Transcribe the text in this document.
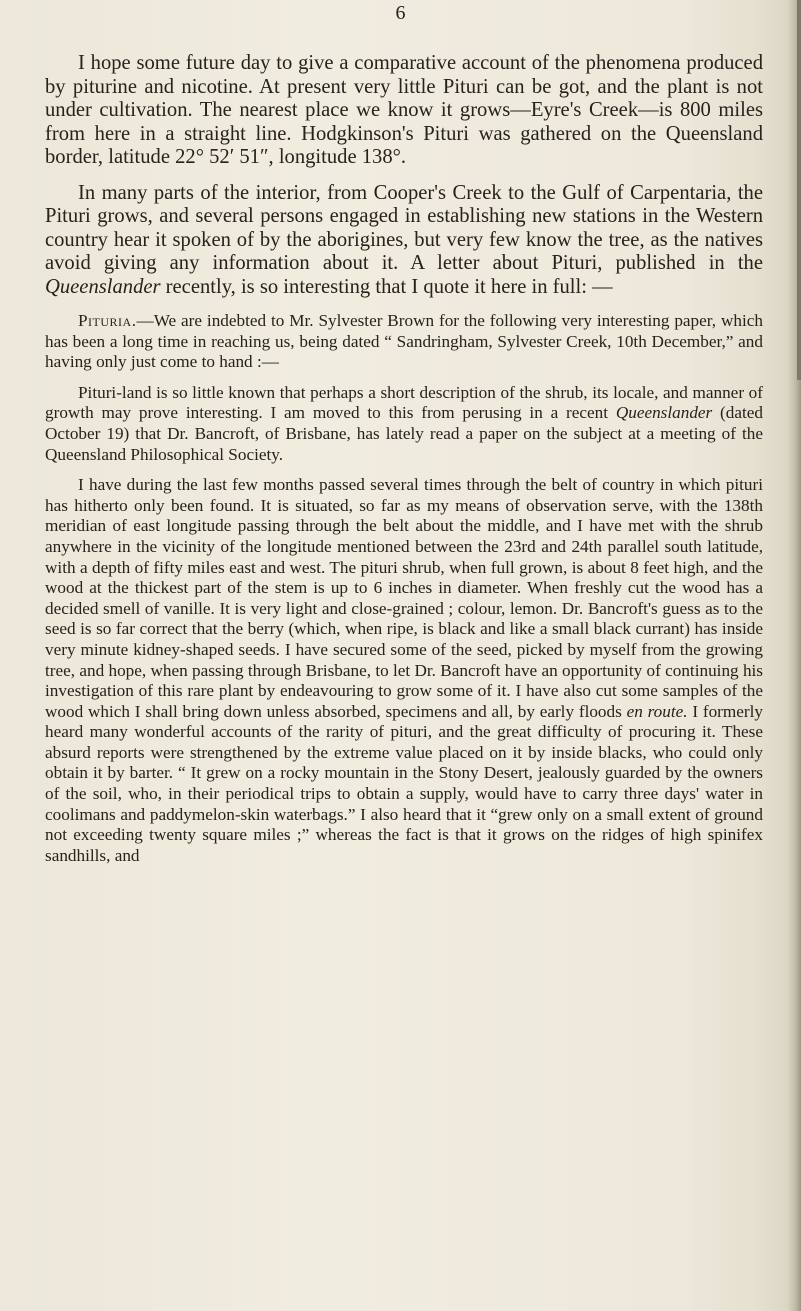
6

I hope some future day to give a comparative account of the phenomena produced by piturine and nicotine. At present very little Pituri can be got, and the plant is not under cultivation. The nearest place we know it grows—Eyre's Creek—is 800 miles from here in a straight line. Hodgkinson's Pituri was gathered on the Queensland border, latitude 22° 52′ 51″, longitude 138°.

In many parts of the interior, from Cooper's Creek to the Gulf of Carpentaria, the Pituri grows, and several persons engaged in establishing new stations in the Western country hear it spoken of by the aborigines, but very few know the tree, as the natives avoid giving any information about it. A letter about Pituri, published in the Queenslander recently, is so interesting that I quote it here in full: —

Pituria.—We are indebted to Mr. Sylvester Brown for the following very interesting paper, which has been a long time in reaching us, being dated “ Sandringham, Sylvester Creek, 10th December,” and having only just come to hand :—

Pituri-land is so little known that perhaps a short description of the shrub, its locale, and manner of growth may prove interesting. I am moved to this from perusing in a recent Queenslander (dated October 19) that Dr. Bancroft, of Brisbane, has lately read a paper on the subject at a meeting of the Queensland Philosophical Society.

I have during the last few months passed several times through the belt of country in which pituri has hitherto only been found. It is situated, so far as my means of observation serve, with the 138th meridian of east longitude passing through the belt about the middle, and I have met with the shrub anywhere in the vicinity of the longitude mentioned between the 23rd and 24th parallel south latitude, with a depth of fifty miles east and west. The pituri shrub, when full grown, is about 8 feet high, and the wood at the thickest part of the stem is up to 6 inches in diameter. When freshly cut the wood has a decided smell of vanille. It is very light and close-grained ; colour, lemon. Dr. Bancroft's guess as to the seed is so far correct that the berry (which, when ripe, is black and like a small black currant) has inside very minute kidney-shaped seeds. I have secured some of the seed, picked by myself from the growing tree, and hope, when passing through Brisbane, to let Dr. Bancroft have an opportunity of continuing his investigation of this rare plant by endeavouring to grow some of it. I have also cut some samples of the wood which I shall bring down unless absorbed, specimens and all, by early floods en route. I formerly heard many wonderful accounts of the rarity of pituri, and the great difficulty of procuring it. These absurd reports were strengthened by the extreme value placed on it by inside blacks, who could only obtain it by barter. “ It grew on a rocky mountain in the Stony Desert, jealously guarded by the owners of the soil, who, in their periodical trips to obtain a supply, would have to carry three days' water in coolimans and paddymelon-skin waterbags.” I also heard that it “grew only on a small extent of ground not exceeding twenty square miles ;” whereas the fact is that it grows on the ridges of high spinifex sandhills, and
